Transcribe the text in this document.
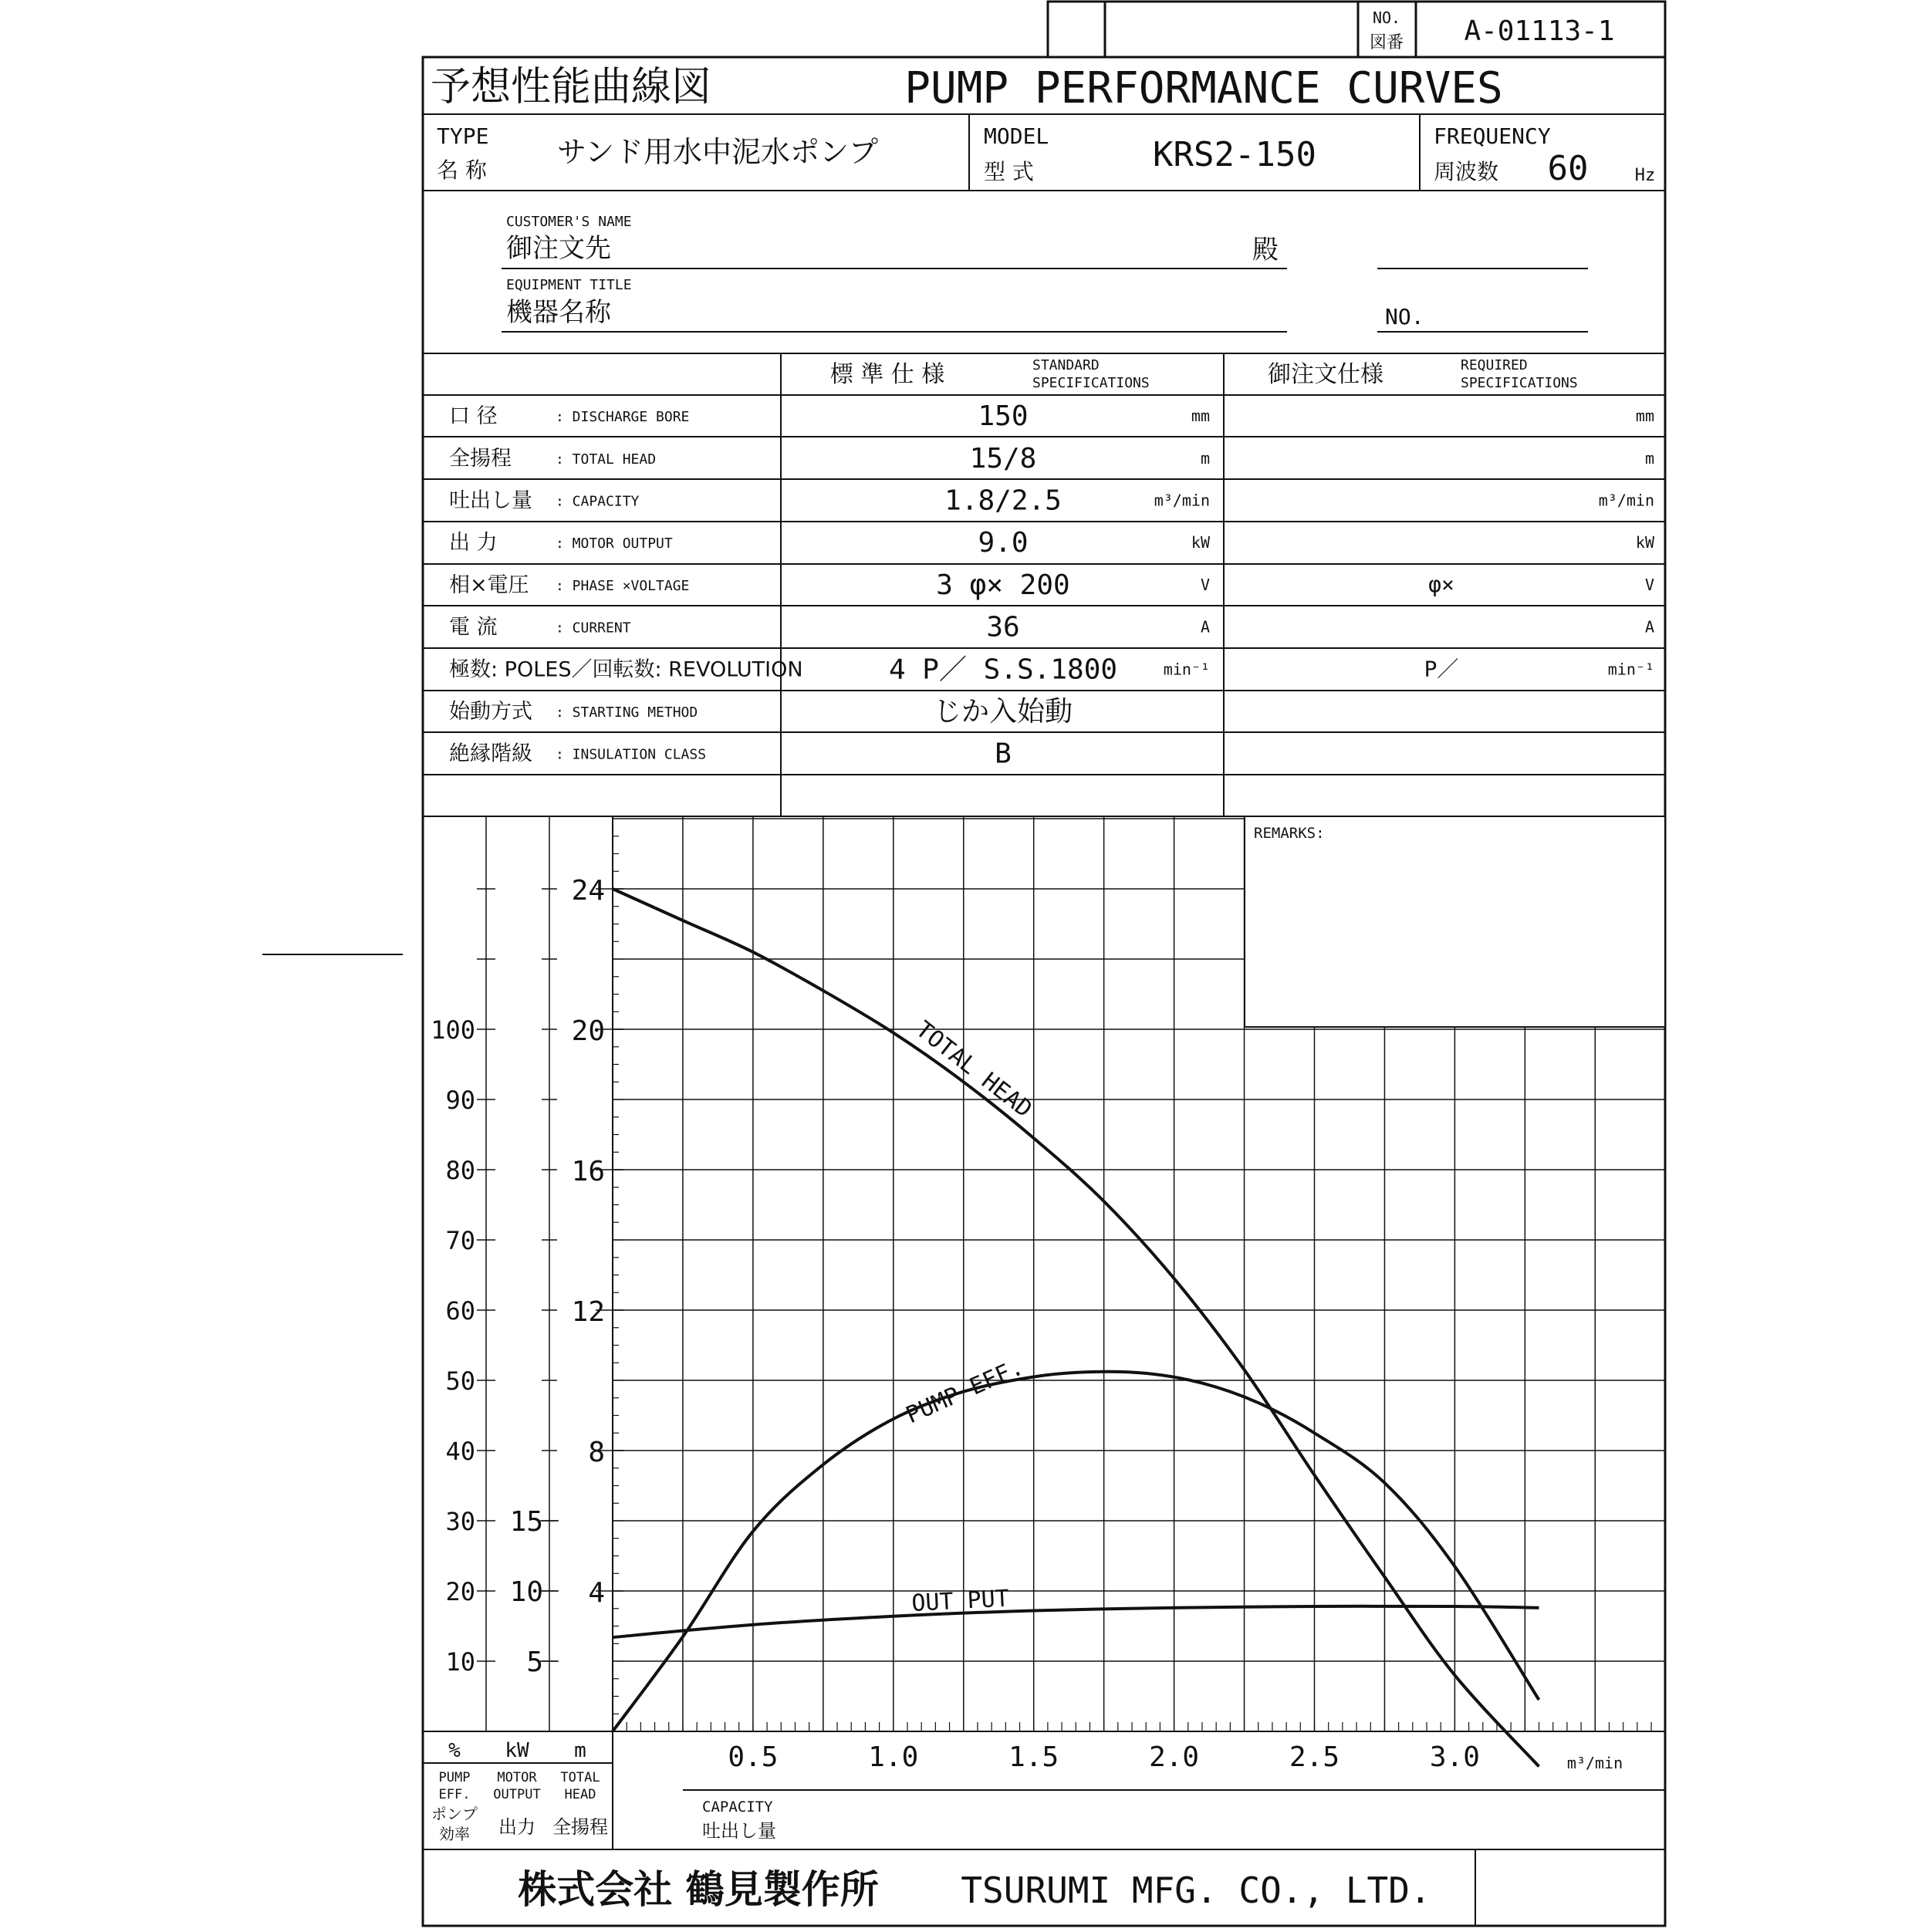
NO.
図番 A-01113-1
予想性能曲線図	PUMP PERFORMANCE CURVES
TYPE
名 称
サンド用水中泥水ポンプ	MODEL
型 式	KRS2-150	FREQUENCY
周波数 60	Hz
CUSTOMER'S NAME
御注文先	殿
EQUIPMENT TITLE
機器名称	NO.
標 準 仕 様	STANDARD
SPECIFICATIONS	御注文仕様	REQUIRED
SPECIFICATIONS
口 径	: DISCHARGE BORE	150	mm	mm
全揚程	: TOTAL HEAD	15/8	m	m
吐出し量 : CAPACITY	1.8/2.5	m³/min	m³/min
出 力	: MOTOR OUTPUT	9.0	kW	kW
相×電圧 : PHASE ×VOLTAGE	3 φ× 200	V	φ×	V
電 流	: CURRENT	36	A	A
極数: POLES／回転数: REVOLUTION	4 P／ S.S.1800	min⁻¹	P／	min⁻¹
始動方式 : STARTING METHOD	じか入始動
絶縁階級 : INSULATION CLASS	B
REMARKS:
4
8
12
16
20
24
5
10
15
10
20
30
40
50
60
70
80
90
100
0.5	1.0	1.5	2.0	2.5	3.0
TOTAL HEAD
PUMP EFF.
OUT PUT
% kW m
PUMP
EFF.
ポンプ
効率
MOTOR
OUTPUT
出力
TOTAL
HEAD
全揚程
CAPACITY
吐出し量
m³/min
株式会社 鶴見製作所 TSURUMI MFG. CO., LTD.
